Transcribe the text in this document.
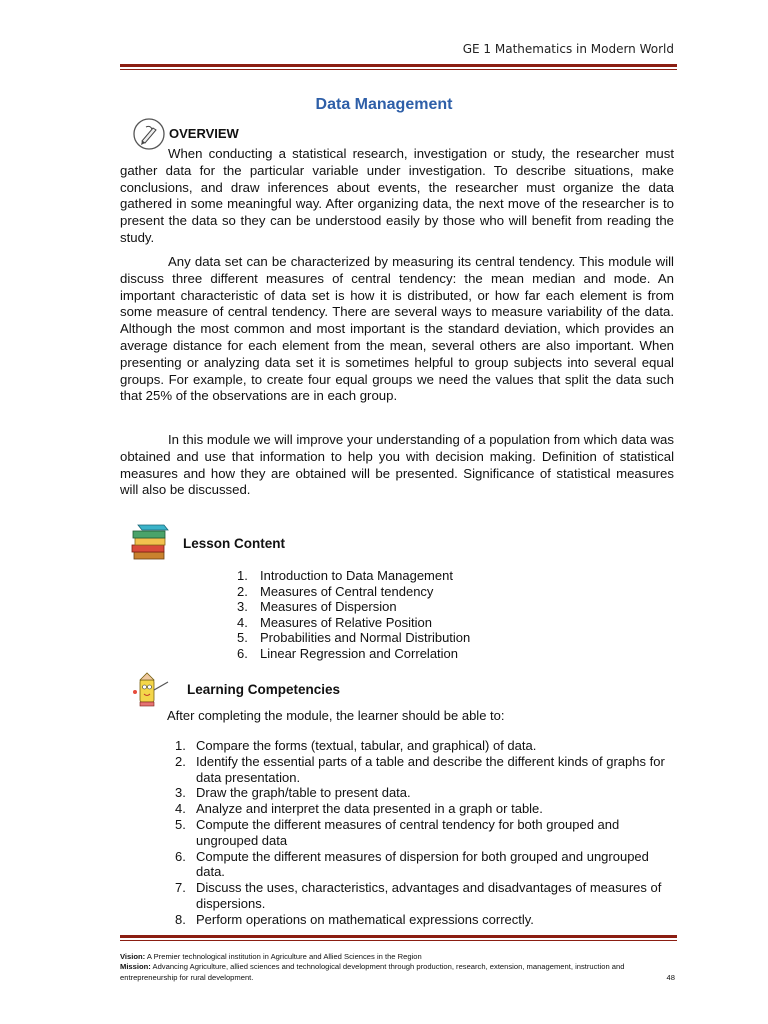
GE 1 Mathematics in Modern World
Data Management
OVERVIEW

When conducting a statistical research, investigation or study, the researcher must gather data for the particular variable under investigation. To describe situations, make conclusions, and draw inferences about events, the researcher must organize the data gathered in some meaningful way. After organizing data, the next move of the researcher is to present the data so they can be understood easily by those who will benefit from reading the study.

Any data set can be characterized by measuring its central tendency. This module will discuss three different measures of central tendency: the mean median and mode. An important characteristic of data set is how it is distributed, or how far each element is from some measure of central tendency. There are several ways to measure variability of the data. Although the most common and most important is the standard deviation, which provides an average distance for each element from the mean, several others are also important. When presenting or analyzing data set it is sometimes helpful to group subjects into several equal groups. For example, to create four equal groups we need the values that split the data such that 25% of the observations are in each group.

In this module we will improve your understanding of a population from which data was obtained and use that information to help you with decision making. Definition of statistical measures and how they are obtained will be presented. Significance of statistical measures will also be discussed.

Lesson Content
1. Introduction to Data Management
2. Measures of Central tendency
3. Measures of Dispersion
4. Measures of Relative Position
5. Probabilities and Normal Distribution
6. Linear Regression and Correlation
Learning Competencies
After completing the module, the learner should be able to:
1. Compare the forms (textual, tabular, and graphical) of data.
2. Identify the essential parts of a table and describe the different kinds of graphs for data presentation.
3. Draw the graph/table to present data.
4. Analyze and interpret the data presented in a graph or table.
5. Compute the different measures of central tendency for both grouped and ungrouped data
6. Compute the different measures of dispersion for both grouped and ungrouped data.
7. Discuss the uses, characteristics, advantages and disadvantages of measures of dispersions.
8. Perform operations on mathematical expressions correctly.
Vision: A Premier technological institution in Agriculture and Allied Sciences in the Region
Mission: Advancing Agriculture, allied sciences and technological development through production, research, extension, management, instruction and entrepreneurship for rural development.	48
